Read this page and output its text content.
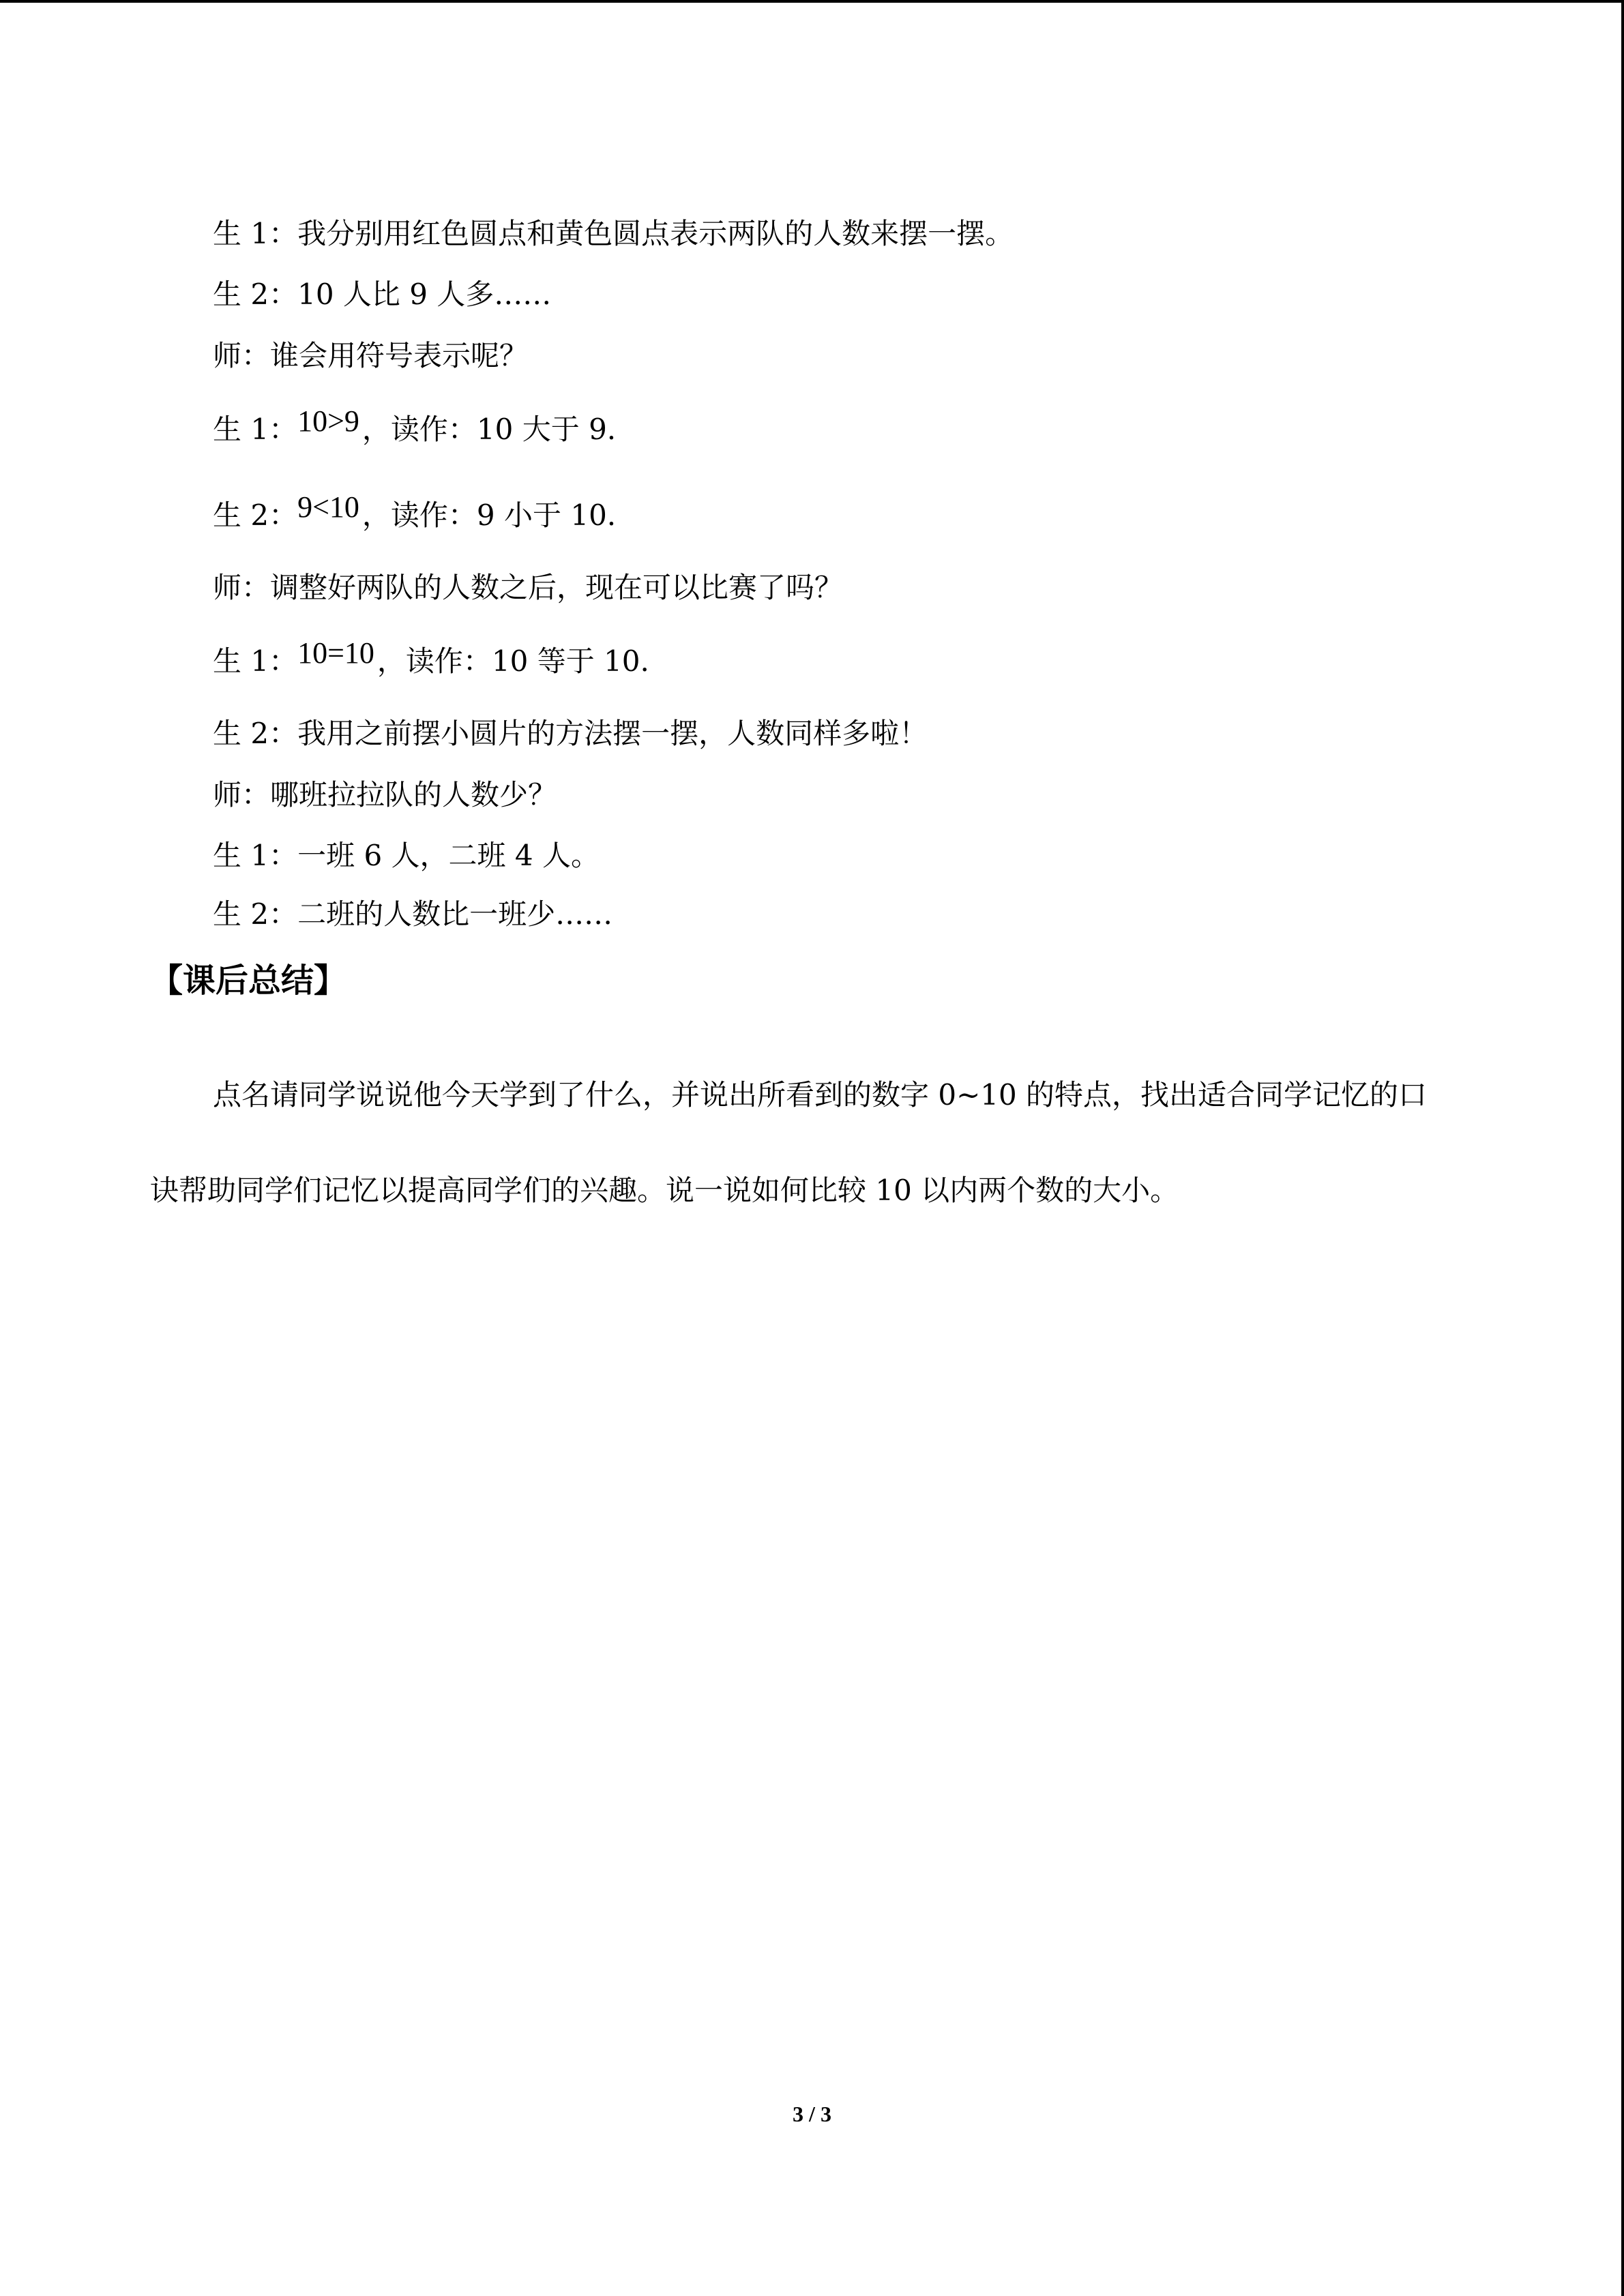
生 1：我分别用红色圆点和黄色圆点表示两队的人数来摆一摆。
生 2：10 人比 9 人多……
师：谁会用符号表示呢？
生 1：10>9，读作：10 大于 9.
生 2：9<10，读作：9 小于 10.
师：调整好两队的人数之后，现在可以比赛了吗？
生 1：10=10，读作：10 等于 10.
生 2：我用之前摆小圆片的方法摆一摆，人数同样多啦！
师：哪班拉拉队的人数少？
生 1：一班 6 人，二班 4 人。
生 2：二班的人数比一班少……
【课后总结】
点名请同学说说他今天学到了什么，并说出所看到的数字 0~10 的特点，找出适合同学记忆的口诀帮助同学们记忆以提高同学们的兴趣。说一说如何比较 10 以内两个数的大小。
3 / 3
